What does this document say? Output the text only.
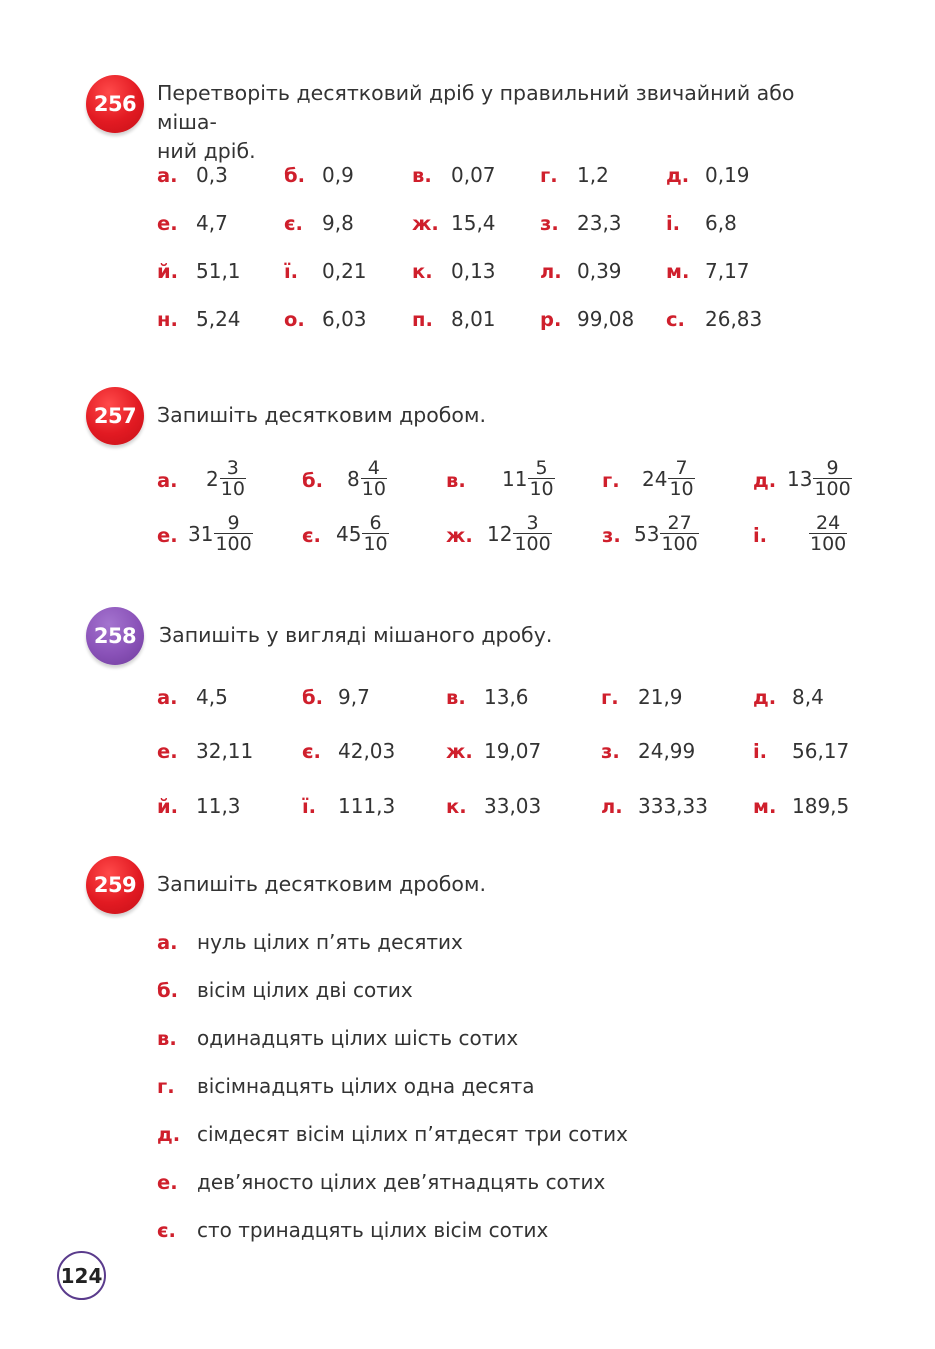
256	Перетворіть десятковий дріб у правильний звичайний або міша-
ний дріб.
а. 0,3	б. 0,9	в. 0,07 г. 1,2	д. 0,19
е. 4,7	є. 9,8	ж. 15,4 з. 23,3 і. 6,8
й. 51,1 ї. 0,21 к. 0,13 л. 0,39 м. 7,17
н. 5,24 о. 6,03 п. 8,01 р. 99,08 с. 26,83
257	Запишіть десятковим дробом.
а. $2 \frac{3}{10}$	б. $8 \frac{4}{10}$	в. $11 \frac{5}{10} г$. $24 \frac{7}{10}$	д. $13 \frac{9}{100}$
е. $31 \frac{9}{100}$	є. $45 \frac{6}{10}$	ж. $12 \frac{3}{100}$	з. $53 \frac{27}{100}$	і. $\frac{24}{100}$
258	Запишіть у вигляді мішаного дробу.
а. 4,5	б. 9,7	в. 13,6	г. 21,9	д. 8,4
е. 32,11 є. 42,03	ж. 19,07	з. 24,99	і. 56,17
й. 11,3	ї. 111,3	к. 33,03	л. 333,33 м. 189,5
259	Запишіть десятковим дробом.
а. нуль цілих п’ять десятих
б. вісім цілих дві сотих
в.	одинадцять цілих шість сотих
г.	вісімнадцять цілих одна десята
д. сімдесят вісім цілих п’ятдесят три сотих
е. дев’яносто цілих дев’ятнадцять сотих
є.	сто тринадцять цілих вісім сотих
124
